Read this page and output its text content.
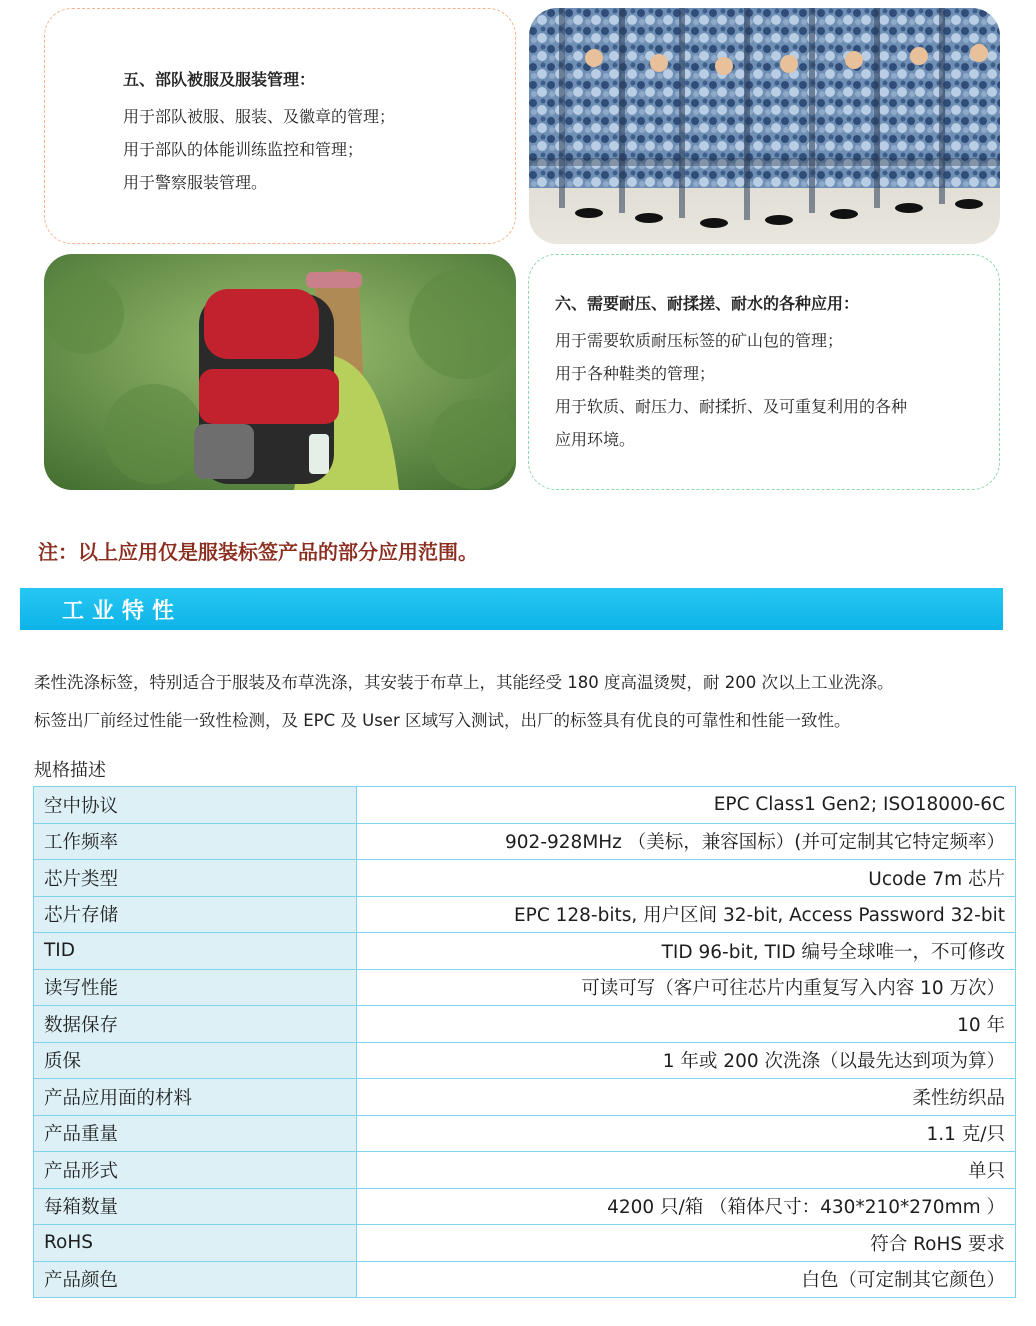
五、部队被服及服装管理：

用于部队被服、服装、及徽章的管理；

用于部队的体能训练监控和管理；

用于警察服装管理。

六、需要耐压、耐揉搓、耐水的各种应用：

用于需要软质耐压标签的矿山包的管理；

用于各种鞋类的管理；

用于软质、耐压力、耐揉折、及可重复利用的各种

应用环境。

注：以上应用仅是服装标签产品的部分应用范围。
工业特性
柔性洗涤标签，特别适合于服装及布草洗涤，其安装于布草上，其能经受 180 度高温烫熨，耐 200 次以上工业洗涤。
标签出厂前经过性能一致性检测，及 EPC 及 User 区域写入测试，出厂的标签具有优良的可靠性和性能一致性。
规格描述
空中协议	EPC Class1 Gen2; ISO18000-6C
工作频率	902-928MHz （美标，兼容国标）(并可定制其它特定频率）
芯片类型	Ucode 7m 芯片
芯片存储	EPC 128-bits, 用户区间 32-bit, Access Password 32-bit
TID	TID 96-bit, TID 编号全球唯一，不可修改
读写性能	可读可写（客户可往芯片内重复写入内容 10 万次）
数据保存	10 年
质保	1 年或 200 次洗涤（以最先达到项为算）
产品应用面的材料	柔性纺织品
产品重量	1.1 克/只
产品形式	单只
每箱数量	4200 只/箱 （箱体尺寸：430*210*270mm ）
RoHS	符合 RoHS 要求
产品颜色	白色（可定制其它颜色）
